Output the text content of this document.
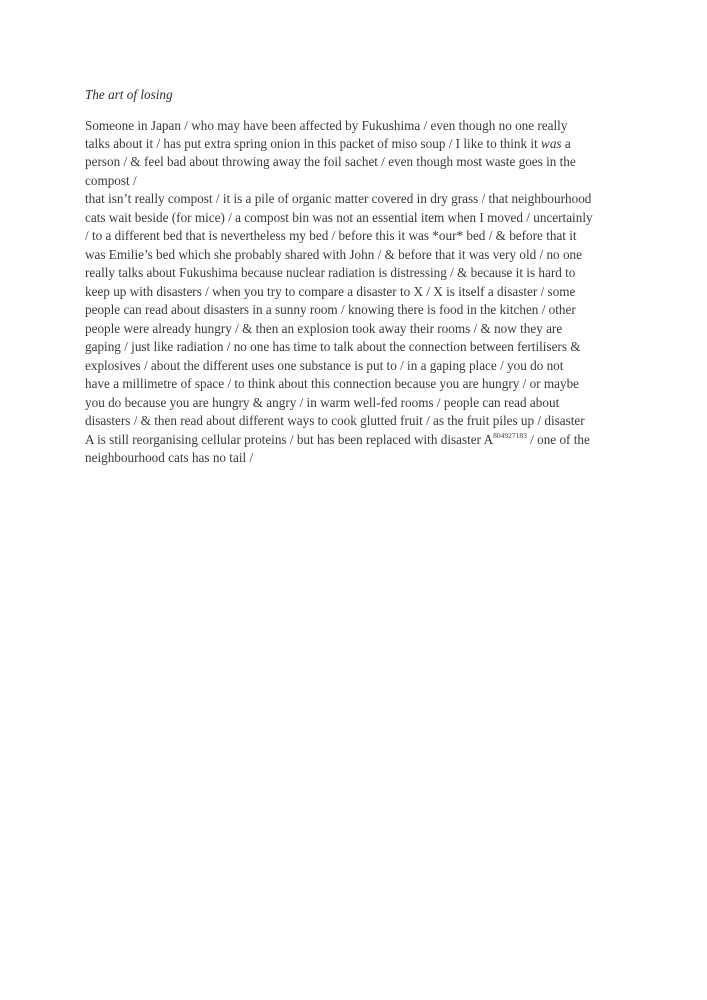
The art of losing
Someone in Japan / who may have been affected by Fukushima / even though no one really
talks about it / has put extra spring onion in this packet of miso soup / I like to think it was a
person / & feel bad about throwing away the foil sachet / even though most waste goes in the
compost /
that isn’t really compost / it is a pile of organic matter covered in dry grass / that neighbourhood
cats wait beside (for mice) / a compost bin was not an essential item when I moved / uncertainly
/ to a different bed that is nevertheless my bed / before this it was *our* bed / & before that it
was Emilie’s bed which she probably shared with John / & before that it was very old / no one
really talks about Fukushima because nuclear radiation is distressing / & because it is hard to
keep up with disasters / when you try to compare a disaster to X / X is itself a disaster / some
people can read about disasters in a sunny room / knowing there is food in the kitchen / other
people were already hungry / & then an explosion took away their rooms / & now they are
gaping / just like radiation / no one has time to talk about the connection between fertilisers &
explosives / about the different uses one substance is put to / in a gaping place / you do not
have a millimetre of space / to think about this connection because you are hungry / or maybe
you do because you are hungry & angry / in warm well-fed rooms / people can read about
disasters / & then read about different ways to cook glutted fruit / as the fruit piles up / disaster
A is still reorganising cellular proteins / but has been replaced with disaster $A^{804927183}$ / one of the
neighbourhood cats has no tail /
